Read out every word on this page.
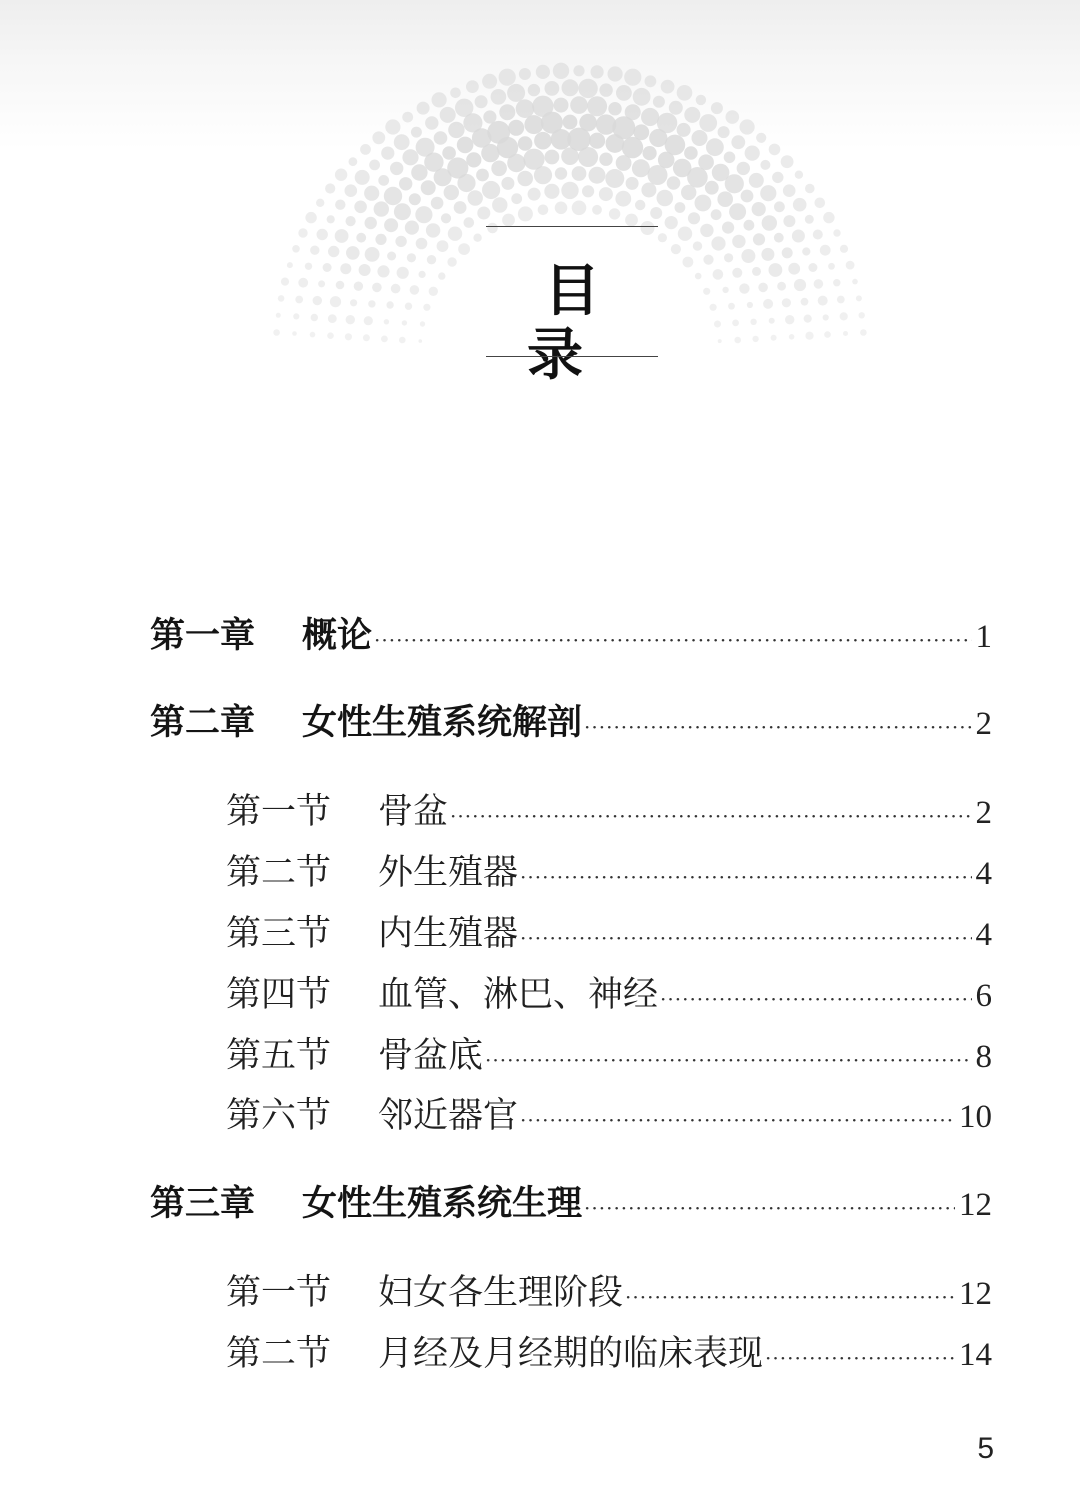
目　录
第一章	概论 ·····	1
第二章	女性生殖系统解剖 ·····	2
第一节	骨盆 ·····	2
第二节	外生殖器 ·····	4
第三节	内生殖器 ·····	4
第四节	血管、淋巴、神经 ·····	6
第五节	骨盆底 ·····	8
第六节	邻近器官 ·····	10
第三章	女性生殖系统生理 ·····	12
第一节	妇女各生理阶段 ·····	12
第二节	月经及月经期的临床表现 ·····	14
5
